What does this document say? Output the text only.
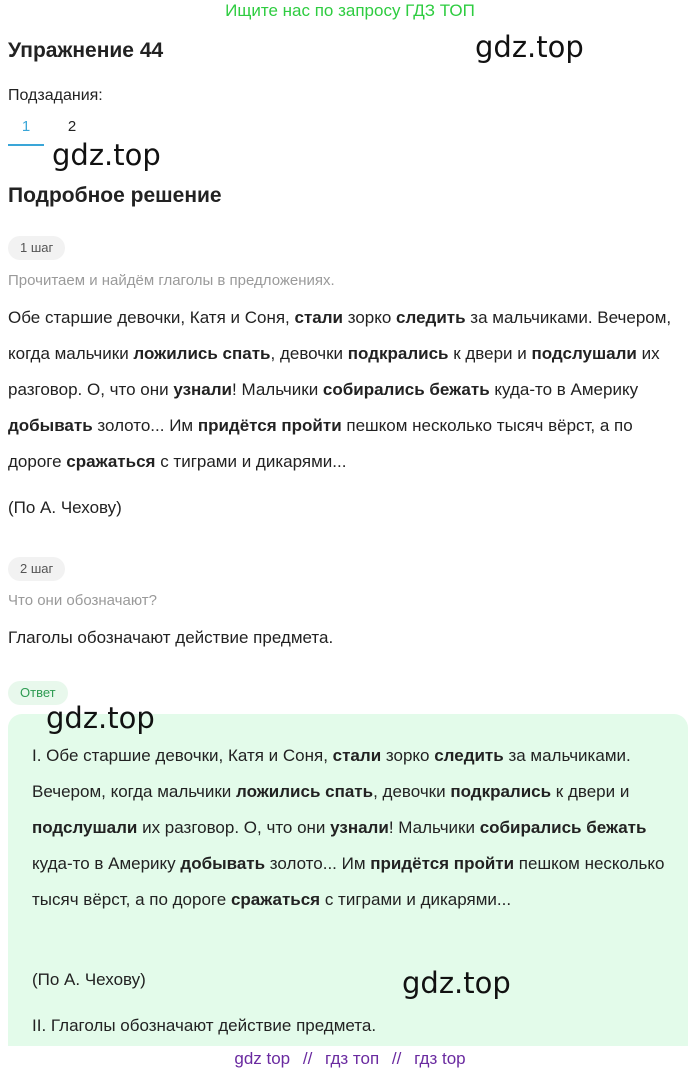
Ищите нас по запросу ГДЗ ТОП
gdz.top
Упражнение 44
Подзадания:
1	2
gdz.top
Подробное решение
1 шаг
Прочитаем и найдём глаголы в предложениях.
Обе старшие девочки, Катя и Соня, стали зорко следить за мальчиками. Вечером, когда мальчики ложились спать, девочки подкрались к двери и подслушали их разговор. О, что они узнали! Мальчики собирались бежать куда-то в Америку добывать золото... Им придётся пройти пешком несколько тысяч вёрст, а по дороге сражаться с тиграми и дикарями...
(По А. Чехову)
2 шаг
Что они обозначают?
Глаголы обозначают действие предмета.
Ответ
I. Обе старшие девочки, Катя и Соня, стали зорко следить за мальчиками. Вечером, когда мальчики ложились спать, девочки подкрались к двери и подслушали их разговор. О, что они узнали! Мальчики собирались бежать куда-то в Америку добывать золото... Им придётся пройти пешком несколько тысяч вёрст, а по дороге сражаться с тиграми и дикарями...
(По А. Чехову)
II. Глаголы обозначают действие предмета.
gdz.top
gdz.top
gdz top // гдз топ // гдз top
